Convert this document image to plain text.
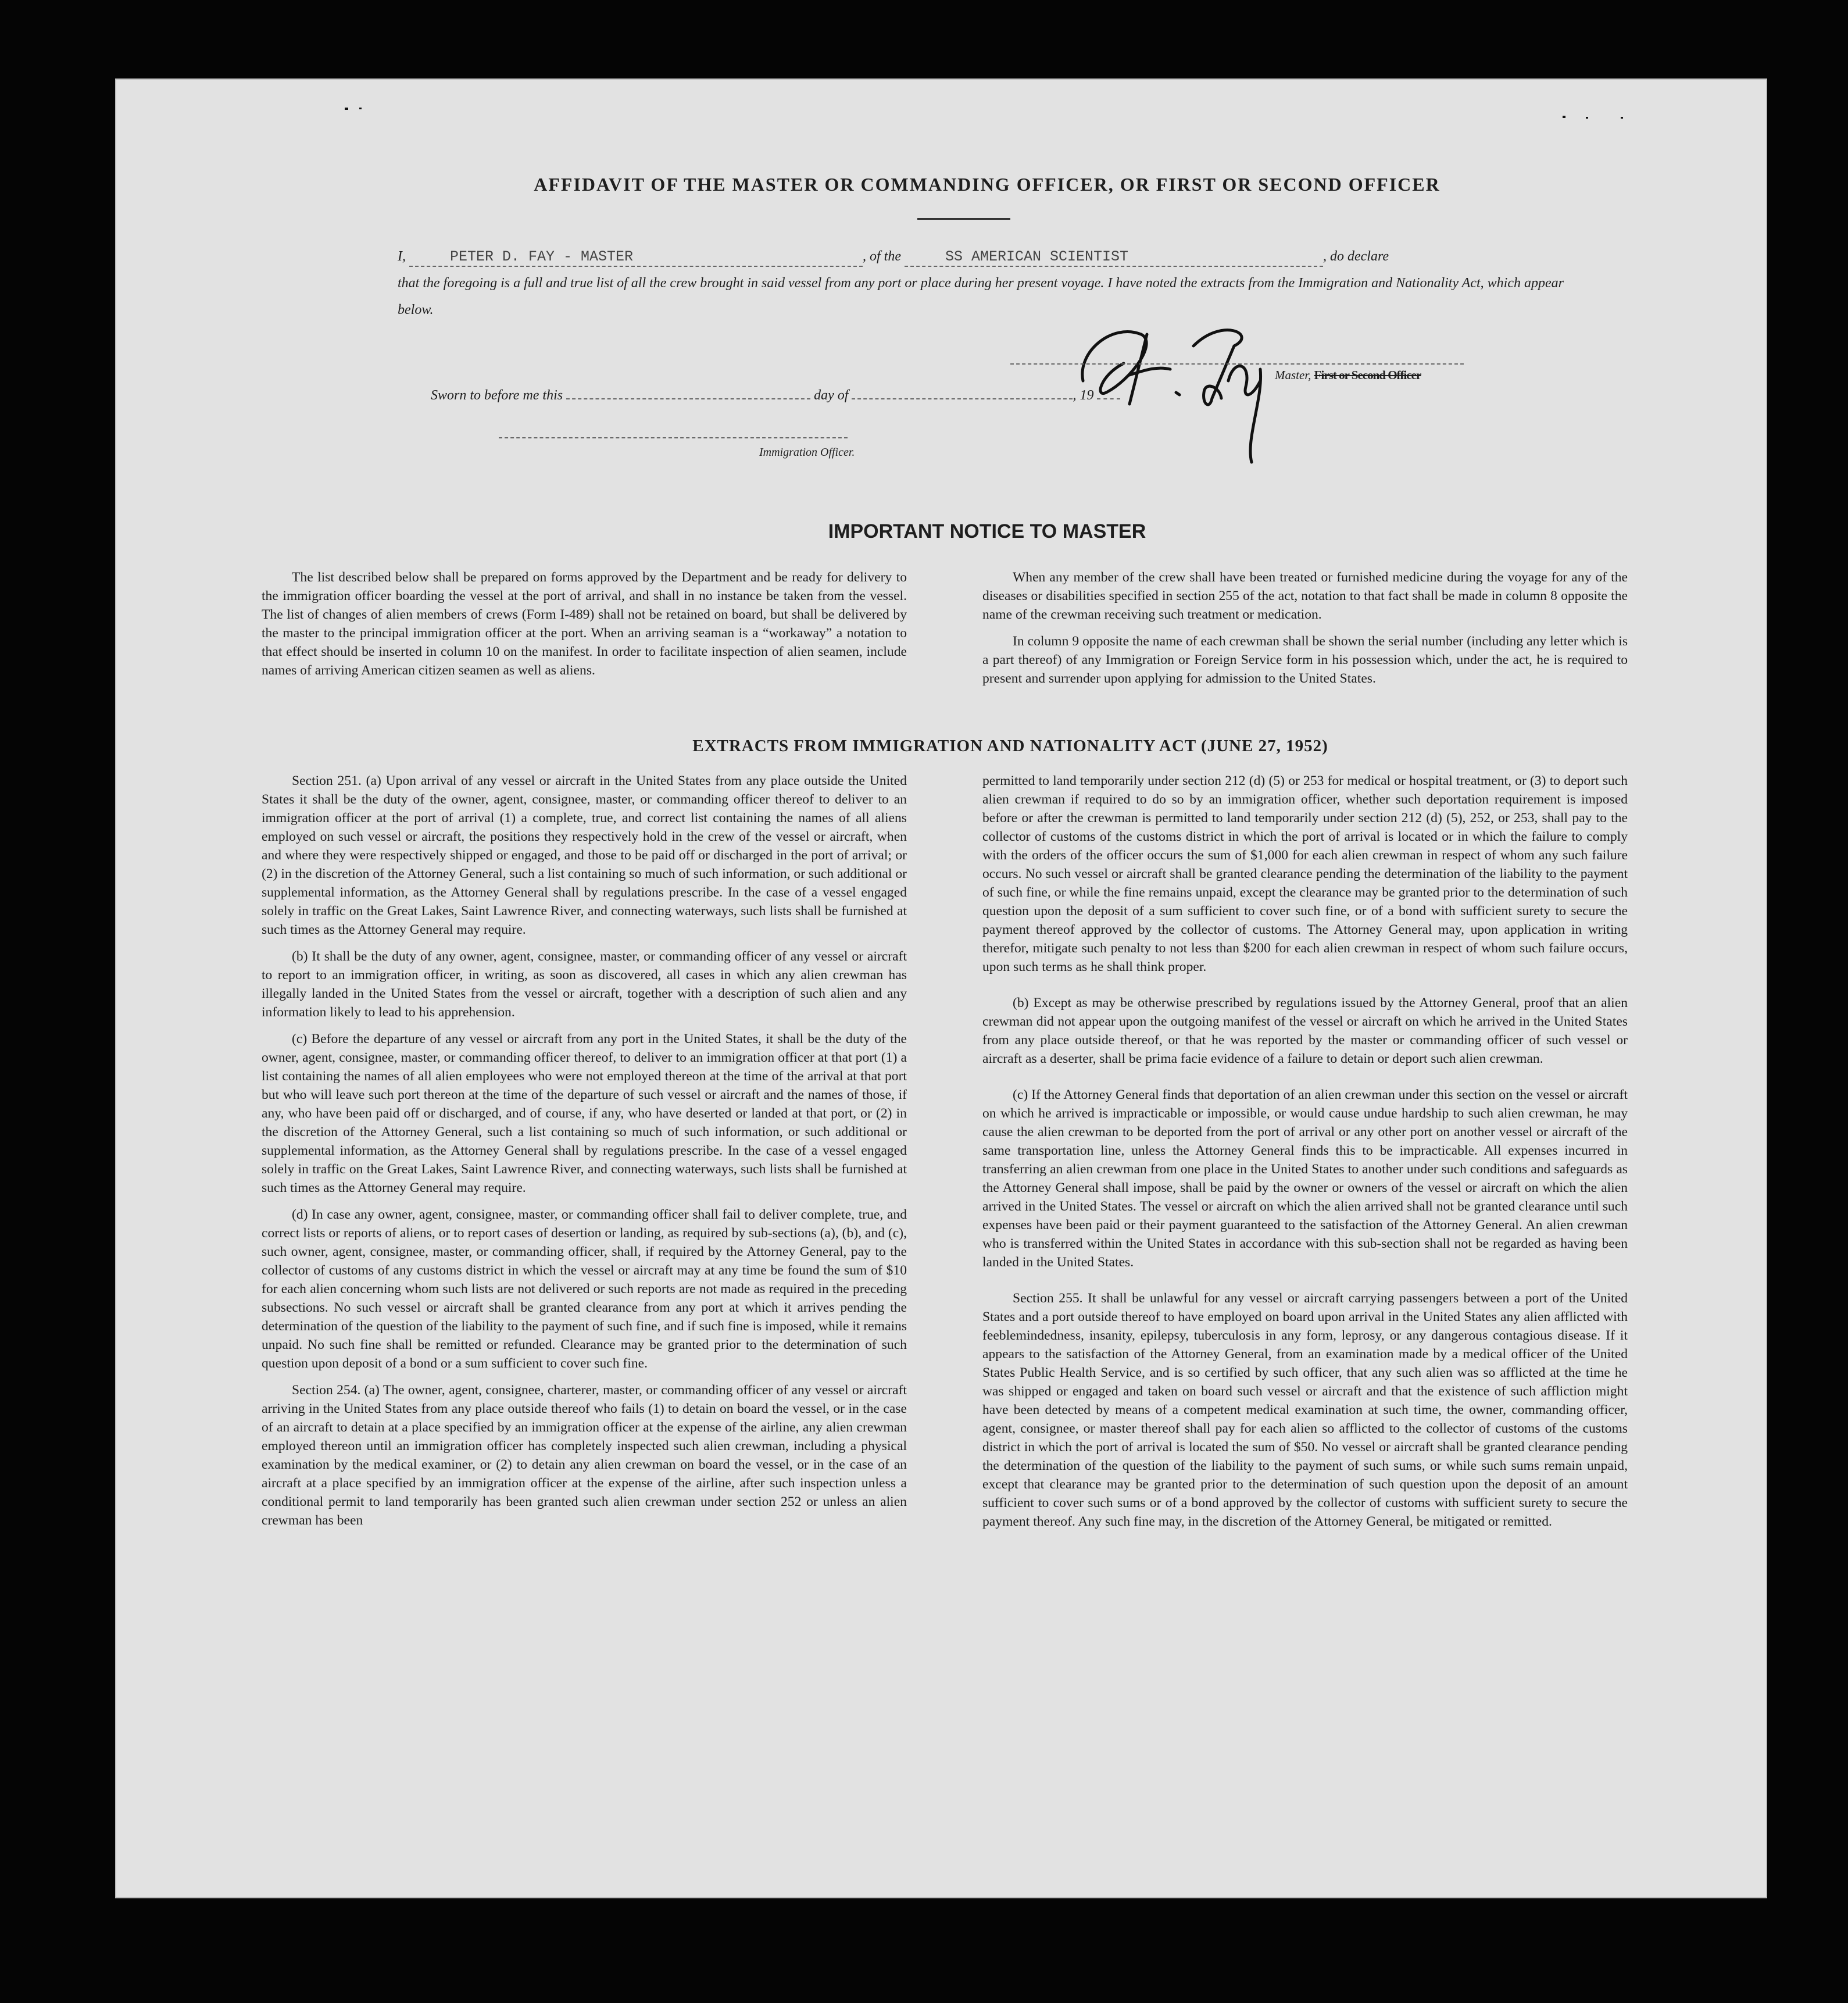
AFFIDAVIT OF THE MASTER OR COMMANDING OFFICER, OR FIRST OR SECOND OFFICER
I,	PETER D. FAY - MASTER	, of the	SS AMERICAN SCIENTIST	, do declare
that the foregoing is a full and true list of all the crew brought in said vessel from any port or place during her present voyage. I have noted the extracts from the Immigration and Nationality Act, which appear below.
Master, First or Second Officer
Sworn to before me this	day of	, 19
Immigration Officer.
IMPORTANT NOTICE TO MASTER

The list described below shall be prepared on forms approved by the Department and be ready for delivery to the immigration officer boarding the vessel at the port of arrival, and shall in no instance be taken from the vessel. The list of changes of alien members of crews (Form I-489) shall not be retained on board, but shall be delivered by the master to the principal immigration officer at the port. When an arriving seaman is a “workaway” a notation to that effect should be inserted in column 10 on the manifest. In order to facilitate inspection of alien seamen, include names of arriving American citizen seamen as well as aliens.

When any member of the crew shall have been treated or furnished medicine during the voyage for any of the diseases or disabilities specified in section 255 of the act, notation to that fact shall be made in column 8 opposite the name of the crewman receiving such treatment or medication.

In column 9 opposite the name of each crewman shall be shown the serial number (including any letter which is a part thereof) of any Immigration or Foreign Service form in his possession which, under the act, he is required to present and surrender upon applying for admission to the United States.

EXTRACTS FROM IMMIGRATION AND NATIONALITY ACT (JUNE 27, 1952)

Section 251. (a) Upon arrival of any vessel or aircraft in the United States from any place outside the United States it shall be the duty of the owner, agent, consignee, master, or commanding officer thereof to deliver to an immigration officer at the port of arrival (1) a complete, true, and correct list containing the names of all aliens employed on such vessel or aircraft, the positions they respectively hold in the crew of the vessel or aircraft, when and where they were respectively shipped or engaged, and those to be paid off or discharged in the port of arrival; or (2) in the discretion of the Attorney General, such a list containing so much of such information, or such additional or supplemental information, as the Attorney General shall by regulations prescribe. In the case of a vessel engaged solely in traffic on the Great Lakes, Saint Lawrence River, and connecting waterways, such lists shall be furnished at such times as the Attorney General may require.

(b) It shall be the duty of any owner, agent, consignee, master, or commanding officer of any vessel or aircraft to report to an immigration officer, in writing, as soon as discovered, all cases in which any alien crewman has illegally landed in the United States from the vessel or aircraft, together with a description of such alien and any information likely to lead to his apprehension.

(c) Before the departure of any vessel or aircraft from any port in the United States, it shall be the duty of the owner, agent, consignee, master, or commanding officer thereof, to deliver to an immigration officer at that port (1) a list containing the names of all alien employees who were not employed thereon at the time of the arrival at that port but who will leave such port thereon at the time of the departure of such vessel or aircraft and the names of those, if any, who have been paid off or discharged, and of course, if any, who have deserted or landed at that port, or (2) in the discretion of the Attorney General, such a list containing so much of such information, or such additional or supplemental information, as the Attorney General shall by regulations prescribe. In the case of a vessel engaged solely in traffic on the Great Lakes, Saint Lawrence River, and connecting waterways, such lists shall be furnished at such times as the Attorney General may require.

(d) In case any owner, agent, consignee, master, or commanding officer shall fail to deliver complete, true, and correct lists or reports of aliens, or to report cases of desertion or landing, as required by sub-sections (a), (b), and (c), such owner, agent, consignee, master, or commanding officer, shall, if required by the Attorney General, pay to the collector of customs of any customs district in which the vessel or aircraft may at any time be found the sum of $10 for each alien concerning whom such lists are not delivered or such reports are not made as required in the preceding subsections. No such vessel or aircraft shall be granted clearance from any port at which it arrives pending the determination of the question of the liability to the payment of such fine, and if such fine is imposed, while it remains unpaid. No such fine shall be remitted or refunded. Clearance may be granted prior to the determination of such question upon deposit of a bond or a sum sufficient to cover such fine.

Section 254. (a) The owner, agent, consignee, charterer, master, or commanding officer of any vessel or aircraft arriving in the United States from any place outside thereof who fails (1) to detain on board the vessel, or in the case of an aircraft to detain at a place specified by an immigration officer at the expense of the airline, any alien crewman employed thereon until an immigration officer has completely inspected such alien crewman, including a physical examination by the medical examiner, or (2) to detain any alien crewman on board the vessel, or in the case of an aircraft at a place specified by an immigration officer at the expense of the airline, after such inspection unless a conditional permit to land temporarily has been granted such alien crewman under section 252 or unless an alien crewman has been

permitted to land temporarily under section 212 (d) (5) or 253 for medical or hospital treatment, or (3) to deport such alien crewman if required to do so by an immigration officer, whether such deportation requirement is imposed before or after the crewman is permitted to land temporarily under section 212 (d) (5), 252, or 253, shall pay to the collector of customs of the customs district in which the port of arrival is located or in which the failure to comply with the orders of the officer occurs the sum of $1,000 for each alien crewman in respect of whom any such failure occurs. No such vessel or aircraft shall be granted clearance pending the determination of the liability to the payment of such fine, or while the fine remains unpaid, except the clearance may be granted prior to the determination of such question upon the deposit of a sum sufficient to cover such fine, or of a bond with sufficient surety to secure the payment thereof approved by the collector of customs. The Attorney General may, upon application in writing therefor, mitigate such penalty to not less than $200 for each alien crewman in respect of whom such failure occurs, upon such terms as he shall think proper.

(b) Except as may be otherwise prescribed by regulations issued by the Attorney General, proof that an alien crewman did not appear upon the outgoing manifest of the vessel or aircraft on which he arrived in the United States from any place outside thereof, or that he was reported by the master or commanding officer of such vessel or aircraft as a deserter, shall be prima facie evidence of a failure to detain or deport such alien crewman.

(c) If the Attorney General finds that deportation of an alien crewman under this section on the vessel or aircraft on which he arrived is impracticable or impossible, or would cause undue hardship to such alien crewman, he may cause the alien crewman to be deported from the port of arrival or any other port on another vessel or aircraft of the same transportation line, unless the Attorney General finds this to be impracticable. All expenses incurred in transferring an alien crewman from one place in the United States to another under such conditions and safeguards as the Attorney General shall impose, shall be paid by the owner or owners of the vessel or aircraft on which the alien arrived in the United States. The vessel or aircraft on which the alien arrived shall not be granted clearance until such expenses have been paid or their payment guaranteed to the satisfaction of the Attorney General. An alien crewman who is transferred within the United States in accordance with this sub-section shall not be regarded as having been landed in the United States.

Section 255. It shall be unlawful for any vessel or aircraft carrying passengers between a port of the United States and a port outside thereof to have employed on board upon arrival in the United States any alien afflicted with feeblemindedness, insanity, epilepsy, tuberculosis in any form, leprosy, or any dangerous contagious disease. If it appears to the satisfaction of the Attorney General, from an examination made by a medical officer of the United States Public Health Service, and is so certified by such officer, that any such alien was so afflicted at the time he was shipped or engaged and taken on board such vessel or aircraft and that the existence of such affliction might have been detected by means of a competent medical examination at such time, the owner, commanding officer, agent, consignee, or master thereof shall pay for each alien so afflicted to the collector of customs of the customs district in which the port of arrival is located the sum of $50. No vessel or aircraft shall be granted clearance pending the determination of the question of the liability to the payment of such sums, or while such sums remain unpaid, except that clearance may be granted prior to the determination of such question upon the deposit of an amount sufficient to cover such sums or of a bond approved by the collector of customs with sufficient surety to secure the payment thereof. Any such fine may, in the discretion of the Attorney General, be mitigated or remitted.
